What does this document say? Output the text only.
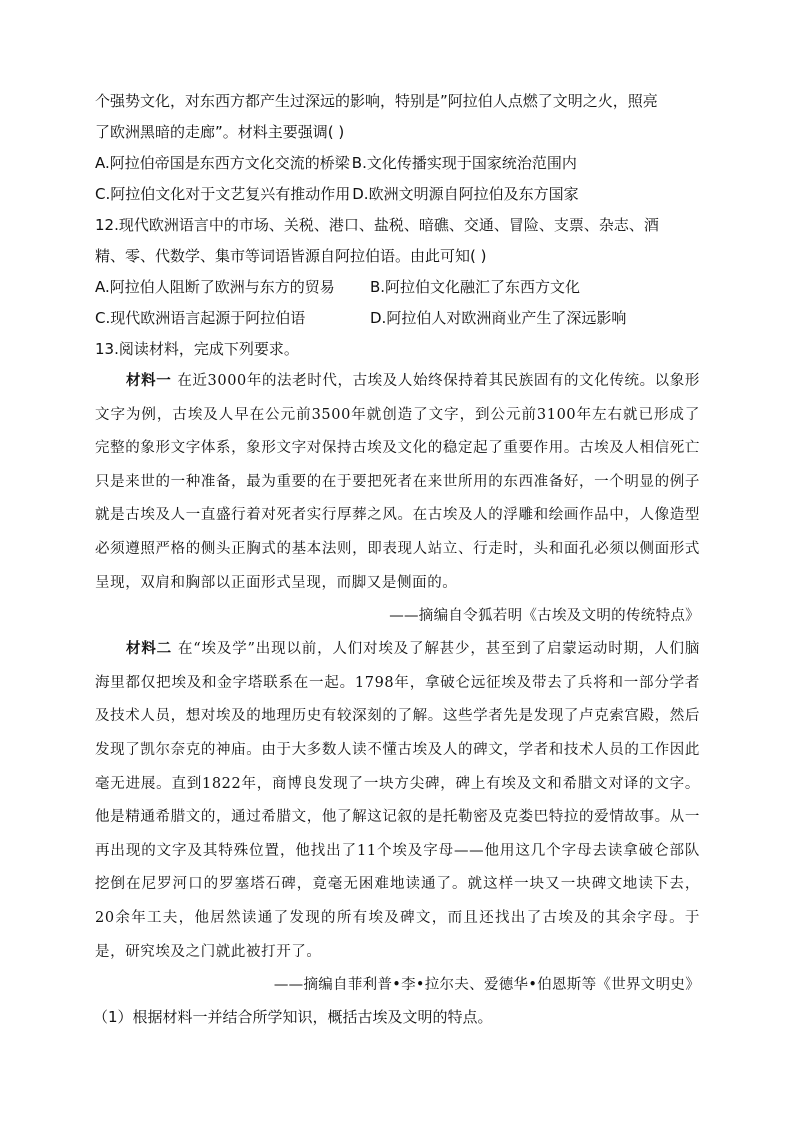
个强势文化，对东西方都产生过深远的影响，特别是”阿拉伯人点燃了文明之火，照亮

了欧洲黑暗的走廊”。材料主要强调( )

A.阿拉伯帝国是东西方文化交流的桥梁 B.文化传播实现于国家统治范围内
C.阿拉伯文化对于文艺复兴有推动作用 D.欧洲文明源自阿拉伯及东方国家

12.现代欧洲语言中的市场、关税、港口、盐税、暗礁、交通、冒险、支票、杂志、酒

精、零、代数学、集市等词语皆源自阿拉伯语。由此可知( )

A.阿拉伯人阻断了欧洲与东方的贸易	B.阿拉伯文化融汇了东西方文化
C.现代欧洲语言起源于阿拉伯语	D.阿拉伯人对欧洲商业产生了深远影响

13.阅读材料，完成下列要求。

材料一 在近3000年的法老时代，古埃及人始终保持着其民族固有的文化传统。以象形文字为例，古埃及人早在公元前3500年就创造了文字，到公元前3100年左右就已形成了完整的象形文字体系，象形文字对保持古埃及文化的稳定起了重要作用。古埃及人相信死亡只是来世的一种准备，最为重要的在于要把死者在来世所用的东西准备好，一个明显的例子就是古埃及人一直盛行着对死者实行厚葬之风。在古埃及人的浮雕和绘画作品中，人像造型必须遵照严格的侧头正胸式的基本法则，即表现人站立、行走时，头和面孔必须以侧面形式呈现，双肩和胸部以正面形式呈现，而脚又是侧面的。

——摘编自令狐若明《古埃及文明的传统特点》

材料二 在“埃及学”出现以前，人们对埃及了解甚少，甚至到了启蒙运动时期，人们脑海里都仅把埃及和金字塔联系在一起。1798年，拿破仑远征埃及带去了兵将和一部分学者及技术人员，想对埃及的地理历史有较深刻的了解。这些学者先是发现了卢克索宫殿，然后发现了凯尔奈克的神庙。由于大多数人读不懂古埃及人的碑文，学者和技术人员的工作因此毫无进展。直到1822年，商博良发现了一块方尖碑，碑上有埃及文和希腊文对译的文字。他是精通希腊文的，通过希腊文，他了解这记叙的是托勒密及克娄巴特拉的爱情故事。从一再出现的文字及其特殊位置，他找出了11个埃及字母——他用这几个字母去读拿破仑部队挖倒在尼罗河口的罗塞塔石碑，竟毫无困难地读通了。就这样一块又一块碑文地读下去，20余年工夫，他居然读通了发现的所有埃及碑文，而且还找出了古埃及的其余字母。于是，研究埃及之门就此被打开了。

——摘编自菲利普•李•拉尔夫、爱德华•伯恩斯等《世界文明史》

（1）根据材料一并结合所学知识，概括古埃及文明的特点。
